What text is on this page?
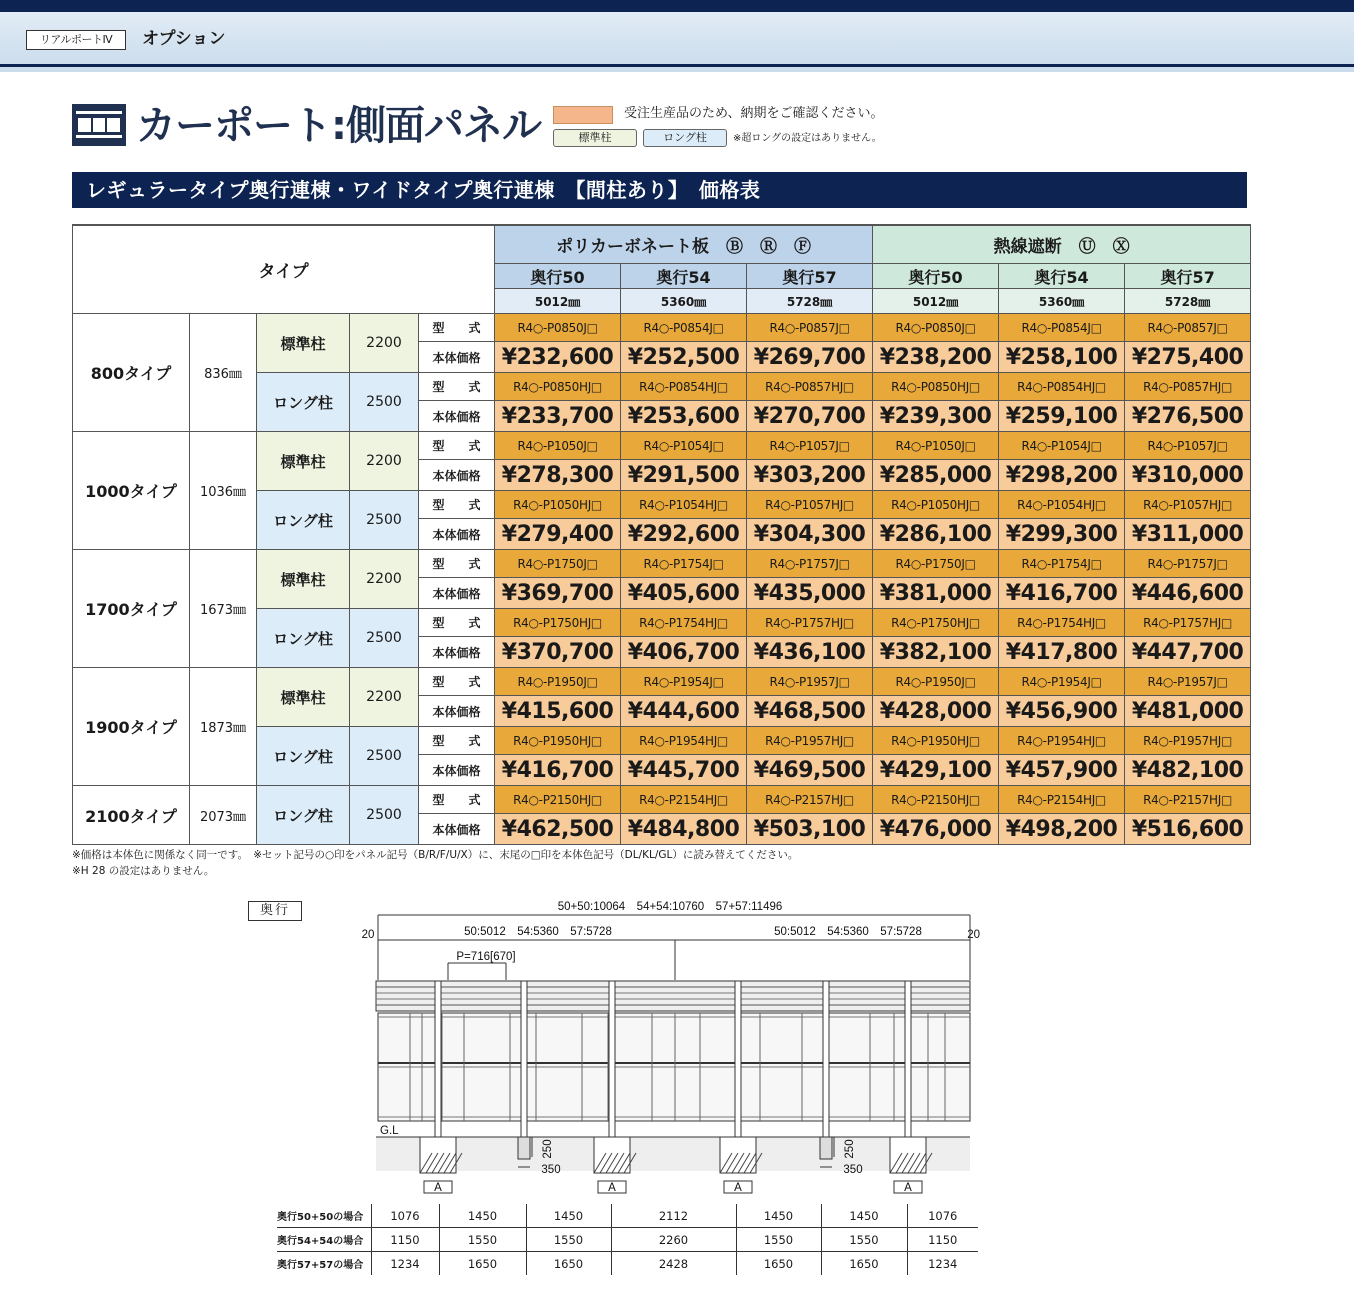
リアルポートⅣ	オプション
カーポート:側面パネル	受注生産品のため、納期をご確認ください。
標準柱	ロング柱	※超ロングの設定はありません。
レギュラータイプ奥行連棟・ワイドタイプ奥行連棟　【間柱あり】　価格表
タイプ					ポリカーボネート板　Ⓑ　Ⓡ　Ⓕ			熱線遮断　Ⓤ　Ⓧ		
					奥行50	奥行54	奥行57	奥行50	奥行54	奥行57
					5012㎜	5360㎜	5728㎜	5012㎜	5360㎜	5728㎜
800タイプ	836㎜	標準柱	2200	型　　式	R4○-P0850J□	R4○-P0854J□	R4○-P0857J□	R4○-P0850J□	R4○-P0854J□	R4○-P0857J□
				本体価格	¥232,600	¥252,500	¥269,700	¥238,200	¥258,100	¥275,400
		ロング柱	2500	型　　式	R4○-P0850HJ□	R4○-P0854HJ□	R4○-P0857HJ□	R4○-P0850HJ□	R4○-P0854HJ□	R4○-P0857HJ□
				本体価格	¥233,700	¥253,600	¥270,700	¥239,300	¥259,100	¥276,500
1000タイプ	1036㎜	標準柱	2200	型　　式	R4○-P1050J□	R4○-P1054J□	R4○-P1057J□	R4○-P1050J□	R4○-P1054J□	R4○-P1057J□
				本体価格	¥278,300	¥291,500	¥303,200	¥285,000	¥298,200	¥310,000
		ロング柱	2500	型　　式	R4○-P1050HJ□	R4○-P1054HJ□	R4○-P1057HJ□	R4○-P1050HJ□	R4○-P1054HJ□	R4○-P1057HJ□
				本体価格	¥279,400	¥292,600	¥304,300	¥286,100	¥299,300	¥311,000
1700タイプ	1673㎜	標準柱	2200	型　　式	R4○-P1750J□	R4○-P1754J□	R4○-P1757J□	R4○-P1750J□	R4○-P1754J□	R4○-P1757J□
				本体価格	¥369,700	¥405,600	¥435,000	¥381,000	¥416,700	¥446,600
		ロング柱	2500	型　　式	R4○-P1750HJ□	R4○-P1754HJ□	R4○-P1757HJ□	R4○-P1750HJ□	R4○-P1754HJ□	R4○-P1757HJ□
				本体価格	¥370,700	¥406,700	¥436,100	¥382,100	¥417,800	¥447,700
1900タイプ	1873㎜	標準柱	2200	型　　式	R4○-P1950J□	R4○-P1954J□	R4○-P1957J□	R4○-P1950J□	R4○-P1954J□	R4○-P1957J□
				本体価格	¥415,600	¥444,600	¥468,500	¥428,000	¥456,900	¥481,000
		ロング柱	2500	型　　式	R4○-P1950HJ□	R4○-P1954HJ□	R4○-P1957HJ□	R4○-P1950HJ□	R4○-P1954HJ□	R4○-P1957HJ□
				本体価格	¥416,700	¥445,700	¥469,500	¥429,100	¥457,900	¥482,100
2100タイプ	2073㎜	ロング柱	2500	型　　式	R4○-P2150HJ□	R4○-P2154HJ□	R4○-P2157HJ□	R4○-P2150HJ□	R4○-P2154HJ□	R4○-P2157HJ□
				本体価格	¥462,500	¥484,800	¥503,100	¥476,000	¥498,200	¥516,600
※価格は本体色に関係なく同一です。　※セット記号の○印をパネル記号（B/R/F/U/X）に、末尾の□印を本体色記号（DL/KL/GL）に読み替えてください。
※H 28 の設定はありません。
奥行	50+50:10064　54+54:10760　57+57:11496
20	20
50:5012　54:5360　57:5728	50:5012　54:5360　57:5728
P=716[670]
G.L
A
250
350
A	A
250
350
A
奥行50+50の場合	1076	1450	1450	2112	1450	1450	1076
奥行54+54の場合	1150	1550	1550	2260	1550	1550	1150
奥行57+57の場合	1234	1650	1650	2428	1650	1650	1234
